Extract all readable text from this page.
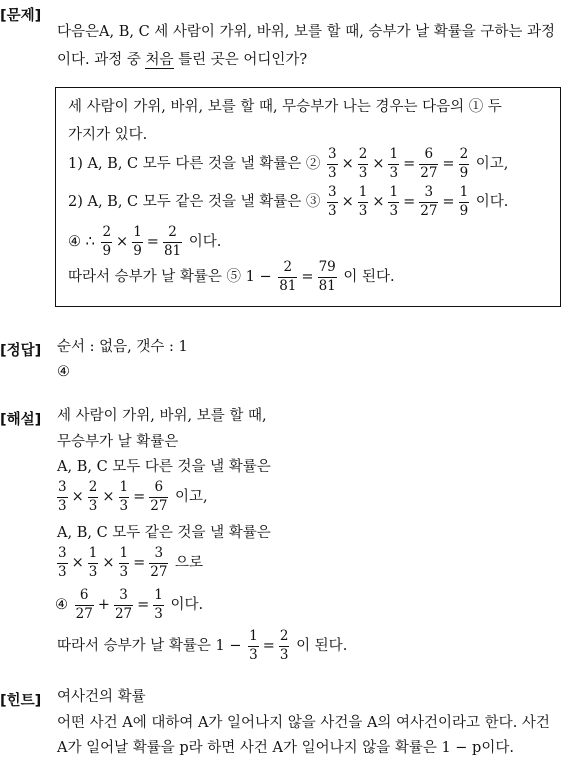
[문제]
다음은A, B, C 세 사람이 가위, 바위, 보를 할 때, 승부가 날 확률을 구하는 과정
이다. 과정 중 처음 틀린 곳은 어디인가?
세 사람이 가위, 바위, 보를 할 때, 무승부가 나는 경우는 다음의 ① 두
가지가 있다.
1) A, B, C 모두 다른 것을 낼 확률은 ② $\frac{3}{3} \times \frac{2}{3} \times \frac{1}{3} = \frac{6}{27} = \frac{2}{9}$ 이고,
2) A, B, C 모두 같은 것을 낼 확률은 ③ $\frac{3}{3} \times \frac{1}{3} \times \frac{1}{3} = \frac{3}{27} = \frac{1}{9}$ 이다.
④ ∴ $\frac{2}{9} \times \frac{1}{9} = \frac{2}{81}$ 이다.
따라서 승부가 날 확률은 ⑤ $1 - \frac{2}{81} = \frac{79}{81}$ 이 된다.
[정답] 순서 : 없음, 갯수 : 1
④
[해설] 세 사람이 가위, 바위, 보를 할 때,
무승부가 날 확률은
A, B, C 모두 다른 것을 낼 확률은
$\frac{3}{3} \times \frac{2}{3} \times \frac{1}{3} = \frac{6}{27}$ 이고,
A, B, C 모두 같은 것을 낼 확률은
$\frac{3}{3} \times \frac{1}{3} \times \frac{1}{3} = \frac{3}{27}$ 으로
④ $\frac{6}{27} + \frac{3}{27} = \frac{1}{3}$ 이다.
따라서 승부가 날 확률은 $1 - \frac{1}{3} = \frac{2}{3}$ 이 된다.
[힌트] 여사건의 확률
어떤 사건 A에 대하여 A가 일어나지 않을 사건을 A의 여사건이라고 한다. 사건
A가 일어날 확률을 p라 하면 사건 A가 일어나지 않을 확률은 1 − p이다.
